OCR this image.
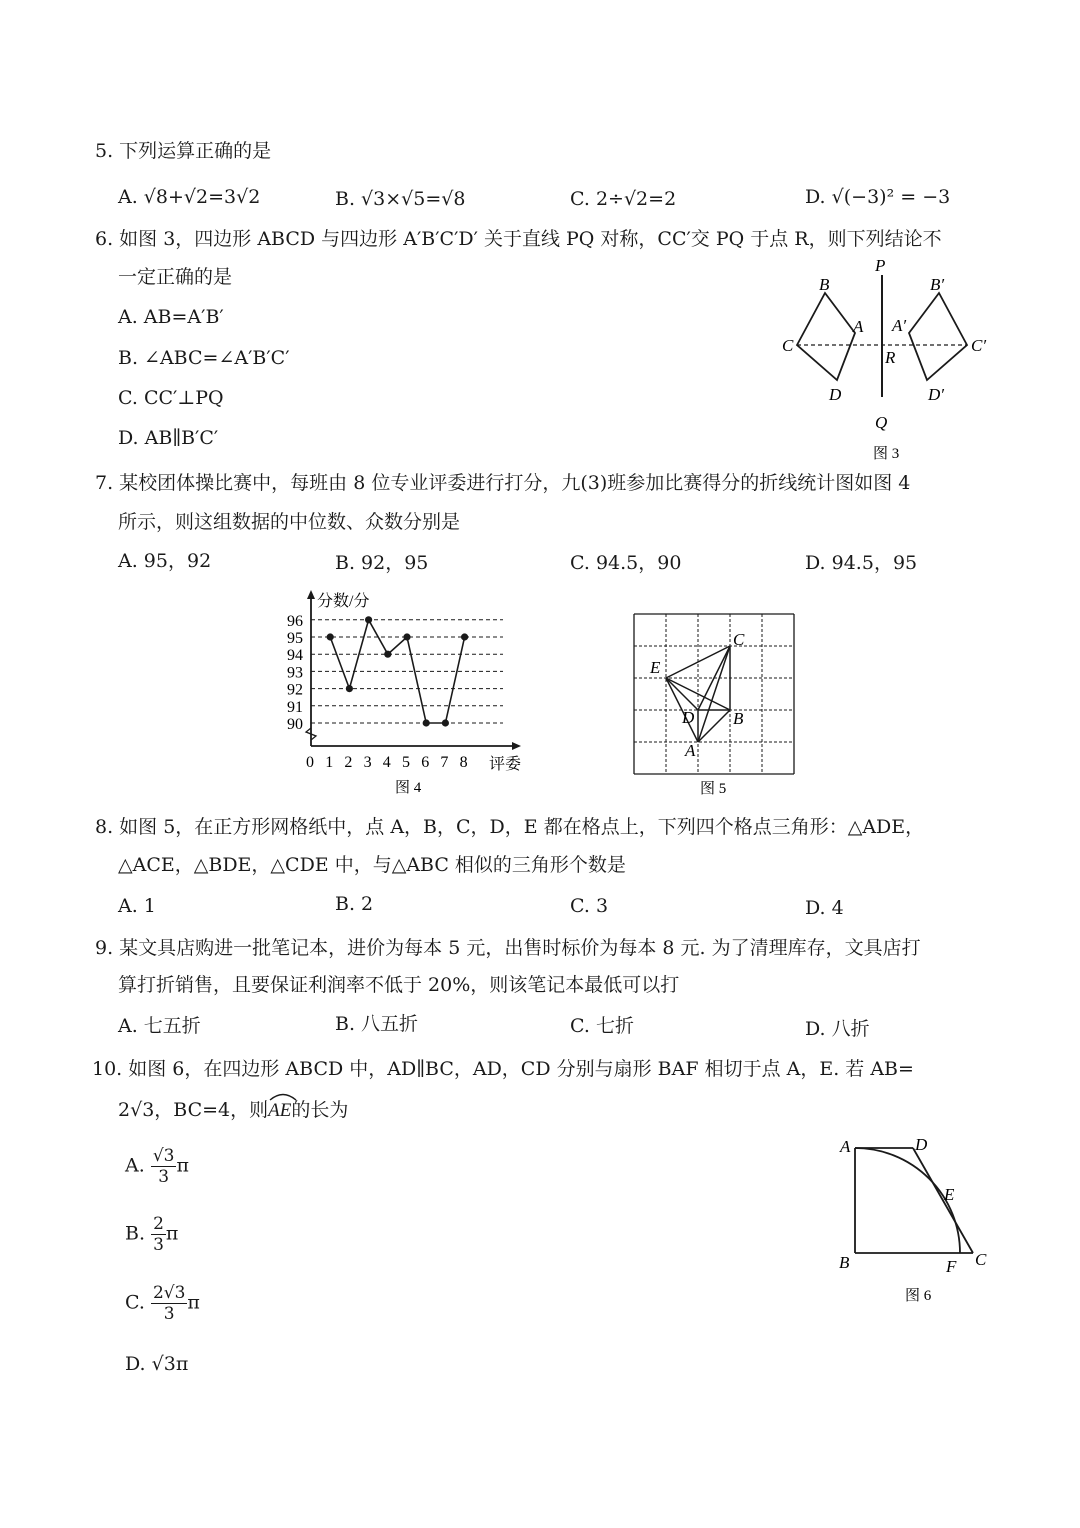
5. 下列运算正确的是
A. √8+√2=3√2	B. √3×√5=√8	C. 2÷√2=2	D. √(−3)² = −3
6. 如图 3，四边形 ABCD 与四边形 A′B′C′D′ 关于直线 PQ 对称，CC′交 PQ 于点 R，则下列结论不
一定正确的是
A. AB=A′B′
B. ∠ABC=∠A′B′C′
C. CC′⊥PQ
D. AB∥B′C′
P
Q
B
A
C
D
R
A′
B′
C′
D′
图 3
7. 某校团体操比赛中，每班由 8 位专业评委进行打分，九(3)班参加比赛得分的折线统计图如图 4
所示，则这组数据的中位数、众数分别是
A. 95，92	B. 92，95	C. 94.5，90	D. 94.5，95
分数/分
评委
90
91
92
93
94
95
96
0 1 2 3 4 5 6 7 8
图 4
C
E
D B
A
图 5
8. 如图 5，在正方形网格纸中，点 A，B，C，D，E 都在格点上，下列四个格点三角形：△ADE，
△ACE，△BDE，△CDE 中，与△ABC 相似的三角形个数是
A. 1	B. 2	C. 3	D. 4
9. 某文具店购进一批笔记本，进价为每本 5 元，出售时标价为每本 8 元. 为了清理库存，文具店打
算打折销售，且要保证利润率不低于 20%，则该笔记本最低可以打
A. 七五折	B. 八五折	C. 七折	D. 八折
10. 如图 6，在四边形 ABCD 中，AD∥BC，AD，CD 分别与扇形 BAF 相切于点 A，E. 若 AB=
2√3，BC=4，则
AE的长为
A. $\frac{√3}{3}$ π
B. $\frac{2}{3}$ π
C. $\frac{2√3}{3}$ π
D. √3π
A	D
E
B	F C
图 6
